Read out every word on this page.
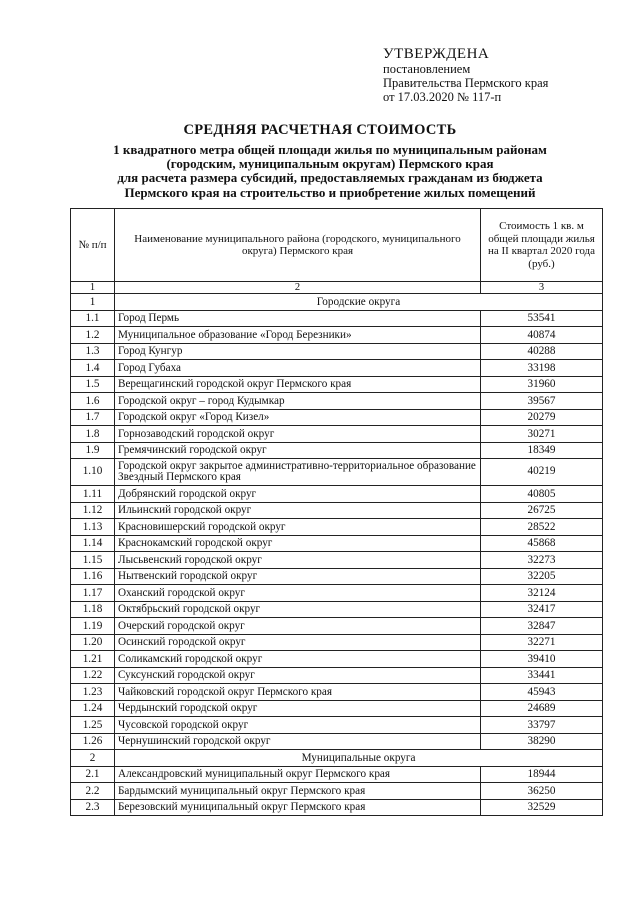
УТВЕРЖДЕНА
постановлением
Правительства Пермского края
от 17.03.2020 № 117-п
СРЕДНЯЯ РАСЧЕТНАЯ СТОИМОСТЬ
1 квадратного метра общей площади жилья по муниципальным районам
(городским, муниципальным округам) Пермского края
для расчета размера субсидий, предоставляемых гражданам из бюджета
Пермского края на строительство и приобретение жилых помещений
№ п/п	Наименование муниципального района (городского, муниципального округа) Пермского края	Стоимость 1 кв. м общей площади жилья на II квартал 2020 года (руб.)
1	2	3
1	Городские округа	
1.1	Город Пермь	53541
1.2	Муниципальное образование «Город Березники»	40874
1.3	Город Кунгур	40288
1.4	Город Губаха	33198
1.5	Верещагинский городской округ Пермского края	31960
1.6	Городской округ – город Кудымкар	39567
1.7	Городской округ «Город Кизел»	20279
1.8	Горнозаводский городской округ	30271
1.9	Гремячинский городской округ	18349
1.10	Городской округ закрытое административно-территориальное образование Звездный Пермского края	40219
1.11	Добрянский городской округ	40805
1.12	Ильинский городской округ	26725
1.13	Красновишерский городской округ	28522
1.14	Краснокамский городской округ	45868
1.15	Лысьвенский городской округ	32273
1.16	Нытвенский городской округ	32205
1.17	Оханский городской округ	32124
1.18	Октябрьский городской округ	32417
1.19	Очерский городской округ	32847
1.20	Осинский городской округ	32271
1.21	Соликамский городской округ	39410
1.22	Суксунский городской округ	33441
1.23	Чайковский городской округ Пермского края	45943
1.24	Чердынский городской округ	24689
1.25	Чусовской городской округ	33797
1.26	Чернушинский городской округ	38290
2	Муниципальные округа	
2.1	Александровский муниципальный округ Пермского края	18944
2.2	Бардымский муниципальный округ Пермского края	36250
2.3	Березовский муниципальный округ Пермского края	32529
